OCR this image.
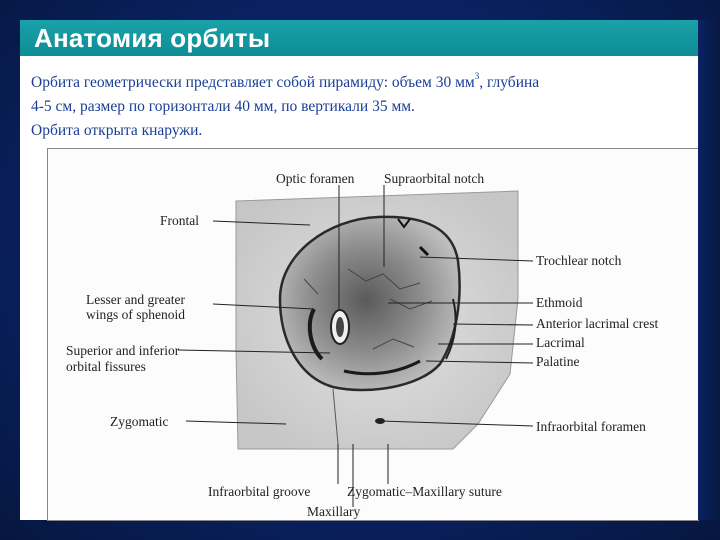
Анатомия орбиты

Орбита геометрически представляет собой пирамиду: объем 30 $мм^3$, глубина

4-5 см, размер по горизонтали 40 мм, по вертикали 35 мм.

Орбита открыта кнаружи.

Optic foramen Supraorbital notch
Frontal
Trochlear notch
Lesser and greater
wings of sphenoid
Ethmoid
Anterior lacrimal crest
Lacrimal
Palatine
Superior and inferior
orbital fissures
Zygomatic	Infraorbital foramen
Infraorbital groove	Zygomatic–Maxillary suture
Maxillary
